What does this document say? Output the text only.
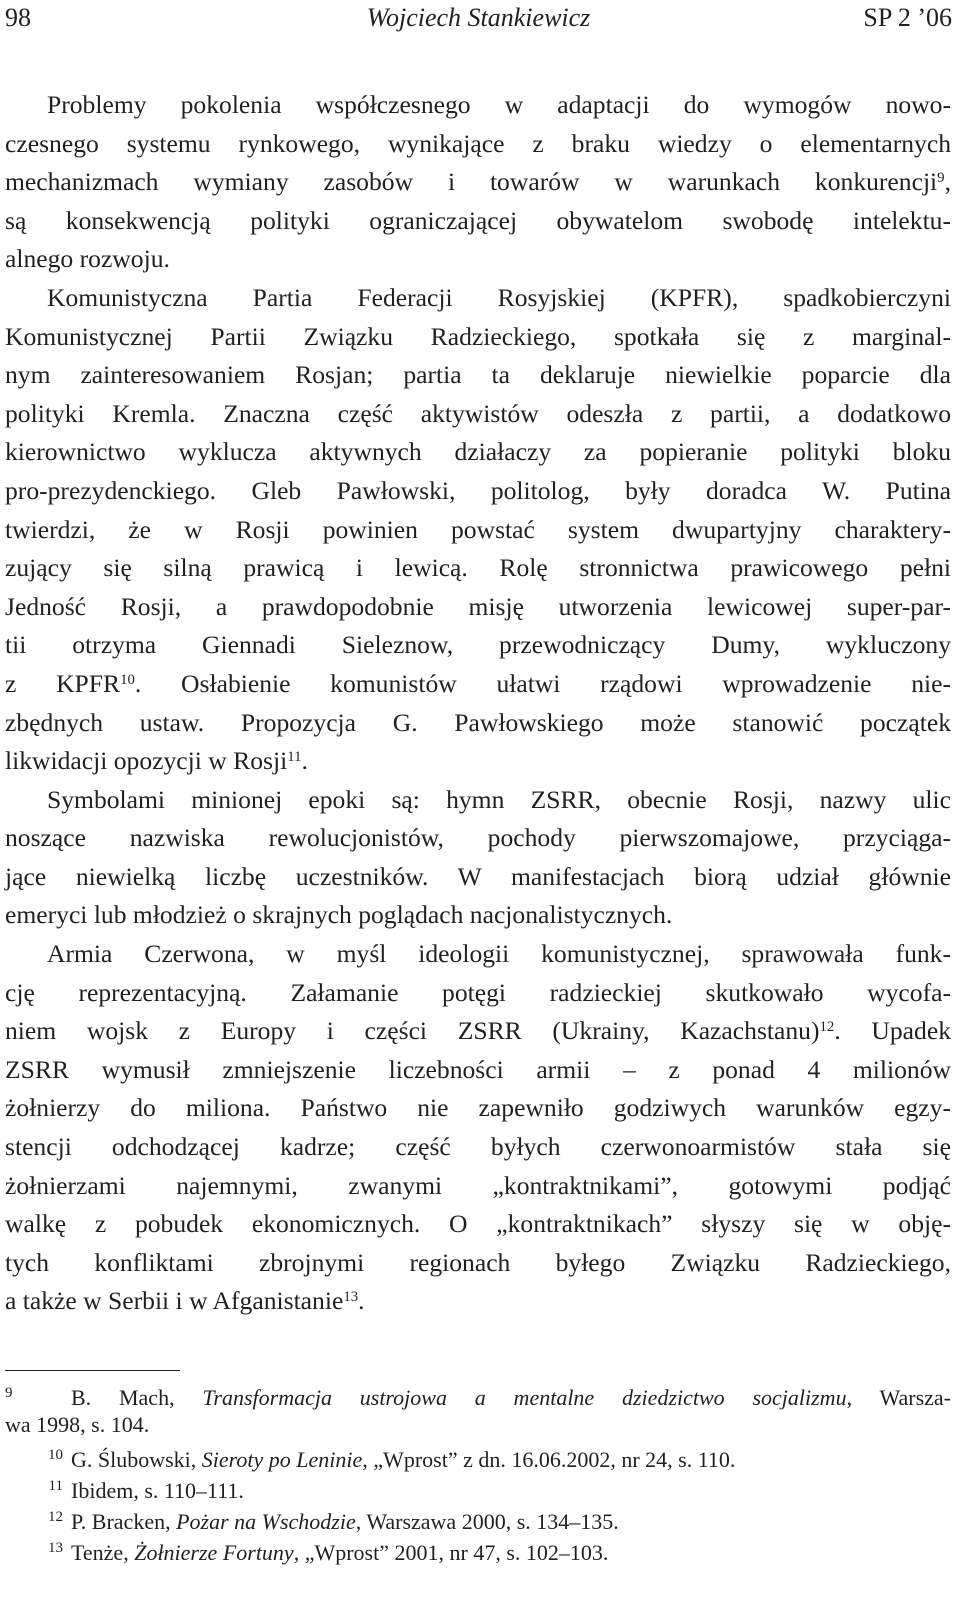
98	Wojciech Stankiewicz	SP 2 ’06
Problemy pokolenia współczesnego w adaptacji do wymogów nowo-
czesnego systemu rynkowego, wynikające z braku wiedzy o elementarnych
mechanizmach wymiany zasobów i towarów w warunkach konkurencji$^9$,
są konsekwencją polityki ograniczającej obywatelom swobodę intelektu-
alnego rozwoju.
Komunistyczna Partia Federacji Rosyjskiej (KPFR), spadkobierczyni
Komunistycznej Partii Związku Radzieckiego, spotkała się z marginal-
nym zainteresowaniem Rosjan; partia ta deklaruje niewielkie poparcie dla
polityki Kremla. Znaczna część aktywistów odeszła z partii, a dodatkowo
kierownictwo wyklucza aktywnych działaczy za popieranie polityki bloku
pro-prezydenckiego. Gleb Pawłowski, politolog, były doradca W. Putina
twierdzi, że w Rosji powinien powstać system dwupartyjny charaktery-
zujący się silną prawicą i lewicą. Rolę stronnictwa prawicowego pełni
Jedność Rosji, a prawdopodobnie misję utworzenia lewicowej super-par-
tii otrzyma Giennadi Sieleznow, przewodniczący Dumy, wykluczony
z KPFR$^{10}$. Osłabienie komunistów ułatwi rządowi wprowadzenie nie-
zbędnych ustaw. Propozycja G. Pawłowskiego może stanowić początek
likwidacji opozycji w Rosji$^{11}$.
Symbolami minionej epoki są: hymn ZSRR, obecnie Rosji, nazwy ulic
noszące nazwiska rewolucjonistów, pochody pierwszomajowe, przyciąga-
jące niewielką liczbę uczestników. W manifestacjach biorą udział głównie
emeryci lub młodzież o skrajnych poglądach nacjonalistycznych.
Armia Czerwona, w myśl ideologii komunistycznej, sprawowała funk-
cję reprezentacyjną. Załamanie potęgi radzieckiej skutkowało wycofa-
niem wojsk z Europy i części ZSRR (Ukrainy, Kazachstanu)$^{12}$. Upadek
ZSRR wymusił zmniejszenie liczebności armii – z ponad 4 milionów
żołnierzy do miliona. Państwo nie zapewniło godziwych warunków egzy-
stencji odchodzącej kadrze; część byłych czerwonoarmistów stała się
żołnierzami najemnymi, zwanymi „kontraktnikami”, gotowymi podjąć
walkę z pobudek ekonomicznych. O „kontraktnikach” słyszy się w obję-
tych konfliktami zbrojnymi regionach byłego Związku Radzieckiego,
a także w Serbii i w Afganistanie$^{13}$.
9	B. Mach, Transformacja ustrojowa a mentalne dziedzictwo socjalizmu, Warsza-
wa 1998, s. 104.
10 G. Ślubowski, Sieroty po Leninie, „Wprost” z dn. 16.06.2002, nr 24, s. 110.
11 Ibidem, s. 110–111.
12 P. Bracken, Pożar na Wschodzie, Warszawa 2000, s. 134–135.
13 Tenże, Żołnierze Fortuny, „Wprost” 2001, nr 47, s. 102–103.
